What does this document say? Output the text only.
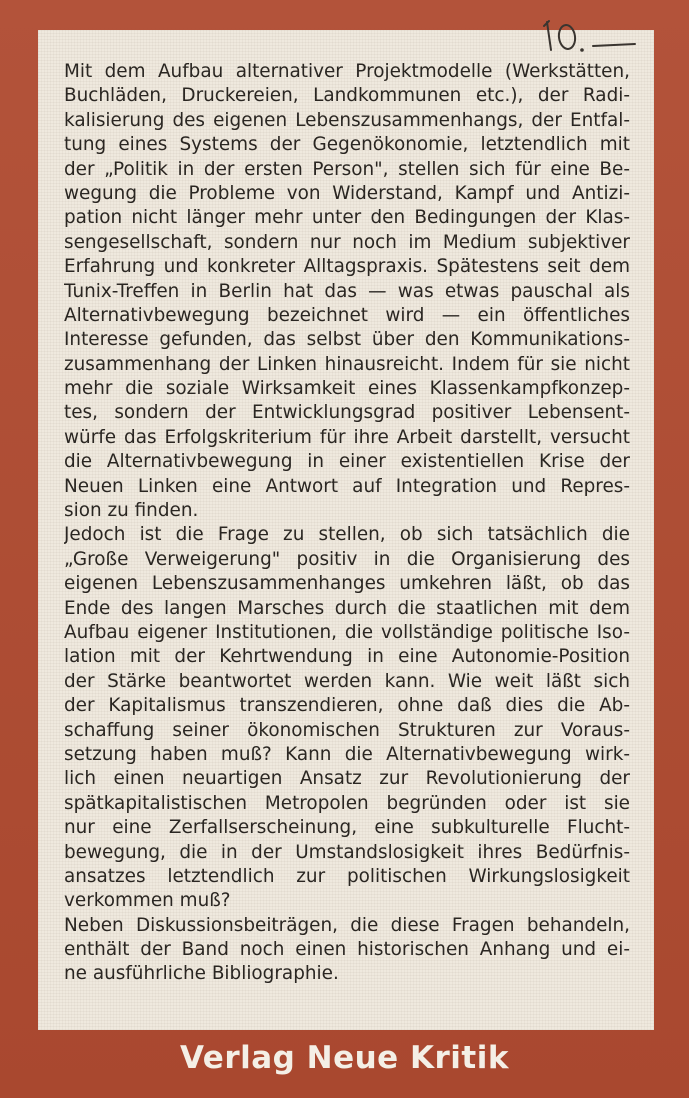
Mit dem Aufbau alternativer Projektmodelle (Werkstätten,
Buchläden, Druckereien, Landkommunen etc.), der Radi-
kalisierung des eigenen Lebenszusammenhangs, der Entfal-
tung eines Systems der Gegenökonomie, letztendlich mit
der „Politik in der ersten Person", stellen sich für eine Be-
wegung die Probleme von Widerstand, Kampf und Antizi-
pation nicht länger mehr unter den Bedingungen der Klas-
sengesellschaft, sondern nur noch im Medium subjektiver
Erfahrung und konkreter Alltagspraxis. Spätestens seit dem
Tunix-Treffen in Berlin hat das — was etwas pauschal als
Alternativbewegung bezeichnet wird — ein öffentliches
Interesse gefunden, das selbst über den Kommunikations-
zusammenhang der Linken hinausreicht. Indem für sie nicht
mehr die soziale Wirksamkeit eines Klassenkampfkonzep-
tes, sondern der Entwicklungsgrad positiver Lebensent-
würfe das Erfolgskriterium für ihre Arbeit darstellt, versucht
die Alternativbewegung in einer existentiellen Krise der
Neuen Linken eine Antwort auf Integration und Repres-
sion zu finden.
Jedoch ist die Frage zu stellen, ob sich tatsächlich die
„Große Verweigerung" positiv in die Organisierung des
eigenen Lebenszusammenhanges umkehren läßt, ob das
Ende des langen Marsches durch die staatlichen mit dem
Aufbau eigener Institutionen, die vollständige politische Iso-
lation mit der Kehrtwendung in eine Autonomie-Position
der Stärke beantwortet werden kann. Wie weit läßt sich
der Kapitalismus transzendieren, ohne daß dies die Ab-
schaffung seiner ökonomischen Strukturen zur Voraus-
setzung haben muß? Kann die Alternativbewegung wirk-
lich einen neuartigen Ansatz zur Revolutionierung der
spätkapitalistischen Metropolen begründen oder ist sie
nur eine Zerfallserscheinung, eine subkulturelle Flucht-
bewegung, die in der Umstandslosigkeit ihres Bedürfnis-
ansatzes letztendlich zur politischen Wirkungslosigkeit
verkommen muß?
Neben Diskussionsbeiträgen, die diese Fragen behandeln,
enthält der Band noch einen historischen Anhang und ei-
ne ausführliche Bibliographie.
Verlag Neue Kritik
